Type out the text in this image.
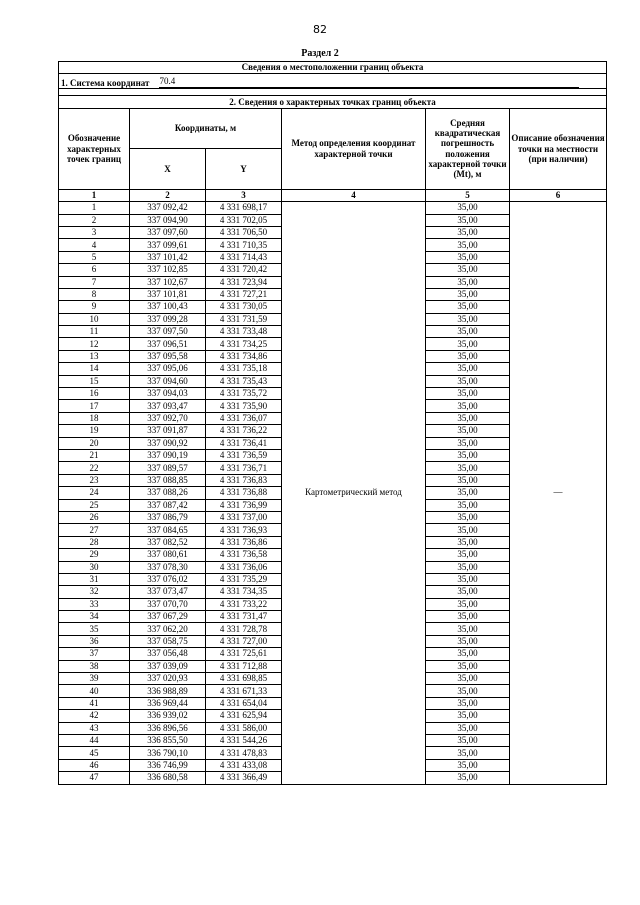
82
Раздел 2
Сведения о местоположении границ объекта					

1. Система координат 70.4					

2. Сведения о характерных точках границ объекта					
Обозначение характерных точек границ	Координаты, м		Метод определения координат характерной точки	Средняя квадратическая погрешность положения характерной точки (Mt), м	Описание обозначения точки на местности (при наличии)
	X	Y			
1	2	3	4	5	6
1	337 092,42	4 331 698,17	Картометрический метод	35,00	—
2	337 094,90	4 331 702,05		35,00	
3	337 097,60	4 331 706,50		35,00	
4	337 099,61	4 331 710,35		35,00	
5	337 101,42	4 331 714,43		35,00	
6	337 102,85	4 331 720,42		35,00	
7	337 102,67	4 331 723,94		35,00	
8	337 101,81	4 331 727,21		35,00	
9	337 100,43	4 331 730,05		35,00	
10	337 099,28	4 331 731,59		35,00	
11	337 097,50	4 331 733,48		35,00	
12	337 096,51	4 331 734,25		35,00	
13	337 095,58	4 331 734,86		35,00	
14	337 095,06	4 331 735,18		35,00	
15	337 094,60	4 331 735,43		35,00	
16	337 094,03	4 331 735,72		35,00	
17	337 093,47	4 331 735,90		35,00	
18	337 092,70	4 331 736,07		35,00	
19	337 091,87	4 331 736,22		35,00	
20	337 090,92	4 331 736,41		35,00	
21	337 090,19	4 331 736,59		35,00	
22	337 089,57	4 331 736,71		35,00	
23	337 088,85	4 331 736,83		35,00	
24	337 088,26	4 331 736,88		35,00	
25	337 087,42	4 331 736,99		35,00	
26	337 086,79	4 331 737,00		35,00	
27	337 084,65	4 331 736,93		35,00	
28	337 082,52	4 331 736,86		35,00	
29	337 080,61	4 331 736,58		35,00	
30	337 078,30	4 331 736,06		35,00	
31	337 076,02	4 331 735,29		35,00	
32	337 073,47	4 331 734,35		35,00	
33	337 070,70	4 331 733,22		35,00	
34	337 067,29	4 331 731,47		35,00	
35	337 062,20	4 331 728,78		35,00	
36	337 058,75	4 331 727,00		35,00	
37	337 056,48	4 331 725,61		35,00	
38	337 039,09	4 331 712,88		35,00	
39	337 020,93	4 331 698,85		35,00	
40	336 988,89	4 331 671,33		35,00	
41	336 969,44	4 331 654,04		35,00	
42	336 939,02	4 331 625,94		35,00	
43	336 896,56	4 331 586,00		35,00	
44	336 855,50	4 331 544,26		35,00	
45	336 790,10	4 331 478,83		35,00	
46	336 746,99	4 331 433,08		35,00	
47	336 680,58	4 331 366,49		35,00	
